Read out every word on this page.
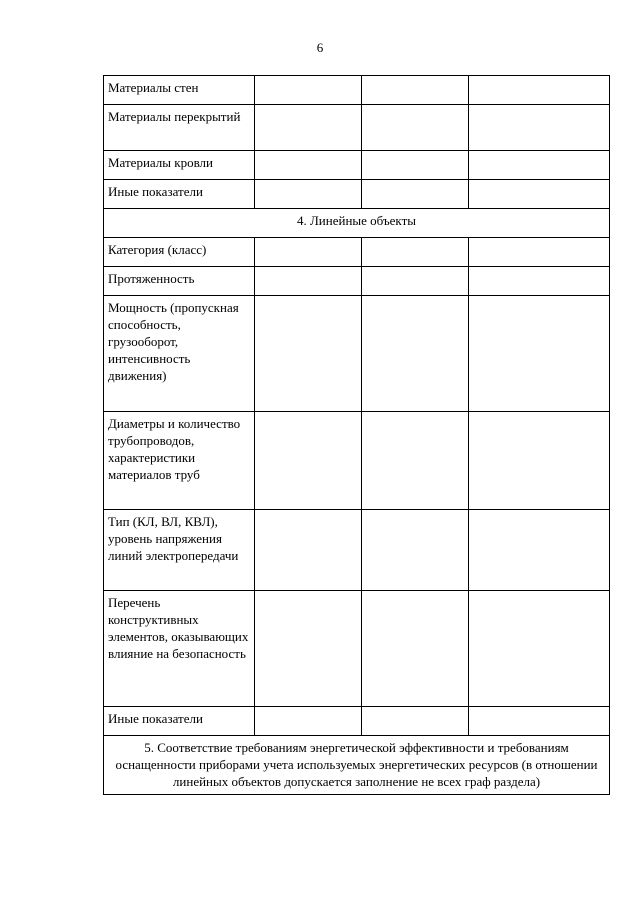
6
Материалы стен			
Материалы перекрытий			
Материалы кровли			
Иные показатели			
4. Линейные объекты			
Категория (класс)			
Протяженность			
Мощность (пропускная способность, грузооборот, интенсивность движения)			
Диаметры и количество трубопроводов, характеристики материалов труб			
Тип (КЛ, ВЛ, КВЛ), уровень напряжения линий электропередачи			
Перечень конструктивных элементов, оказывающих влияние на безопасность			
Иные показатели			
5. Соответствие требованиям энергетической эффективности и требованиям оснащенности приборами учета используемых энергетических ресурсов (в отношении линейных объектов допускается заполнение не всех граф раздела)			
